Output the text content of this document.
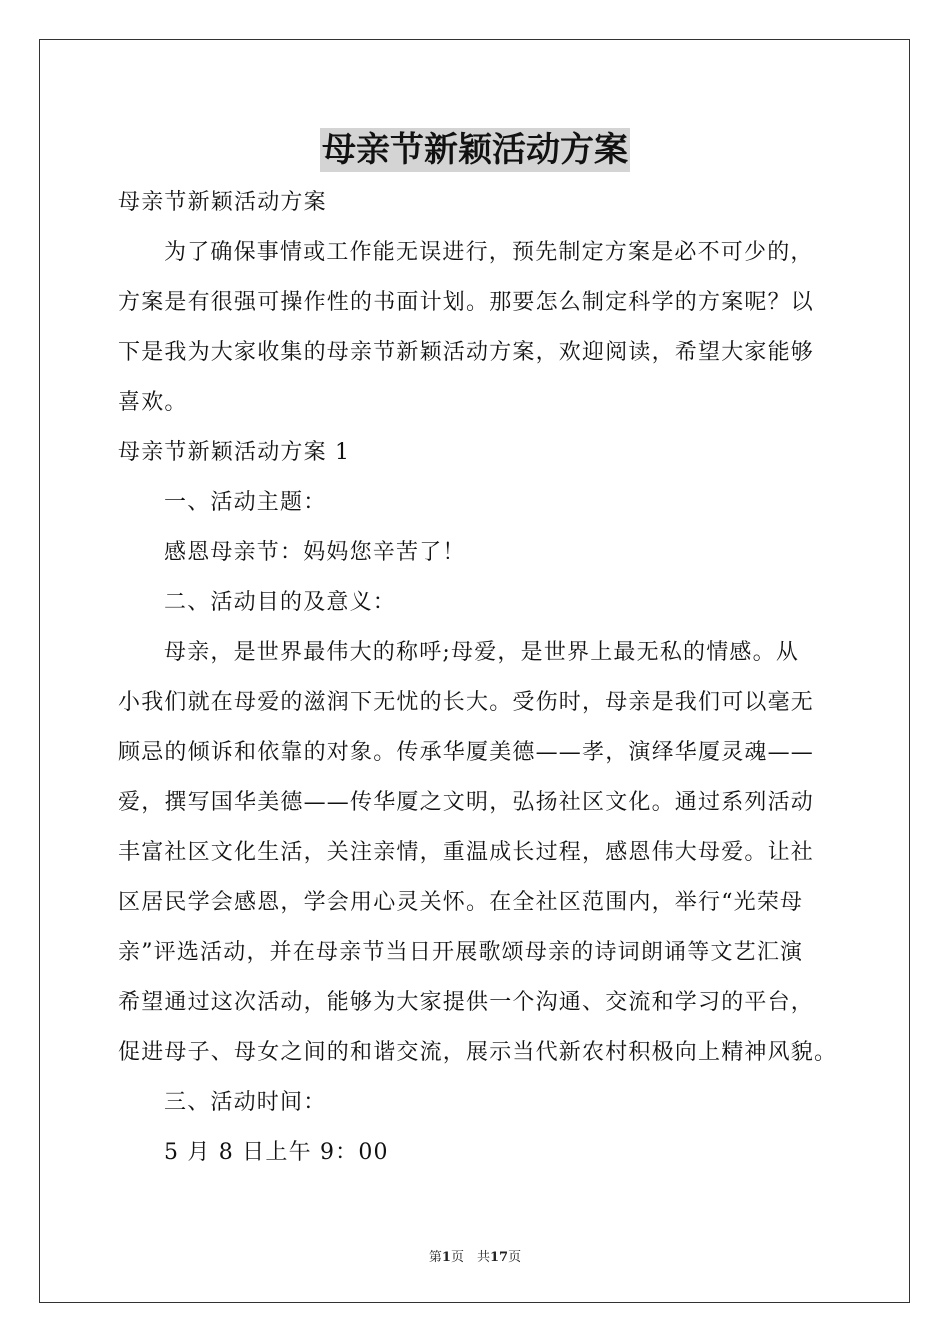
母亲节新颖活动方案
母亲节新颖活动方案
为了确保事情或工作能无误进行，预先制定方案是必不可少的，
方案是有很强可操作性的书面计划。那要怎么制定科学的方案呢？以
下是我为大家收集的母亲节新颖活动方案，欢迎阅读，希望大家能够
喜欢。
母亲节新颖活动方案 1
一、活动主题：
感恩母亲节：妈妈您辛苦了！
二、活动目的及意义：
母亲，是世界最伟大的称呼;母爱，是世界上最无私的情感。从
小我们就在母爱的滋润下无忧的长大。受伤时，母亲是我们可以毫无
顾忌的倾诉和依靠的对象。传承华厦美德——孝，演绎华厦灵魂——
爱，撰写国华美德——传华厦之文明，弘扬社区文化。通过系列活动
丰富社区文化生活，关注亲情，重温成长过程，感恩伟大母爱。让社
区居民学会感恩，学会用心灵关怀。在全社区范围内，举行“光荣母
亲”评选活动，并在母亲节当日开展歌颂母亲的诗词朗诵等文艺汇演
希望通过这次活动，能够为大家提供一个沟通、交流和学习的平台，
促进母子、母女之间的和谐交流，展示当代新农村积极向上精神风貌。
三、活动时间：
5 月 8 日上午 9：00
第1页　共17页
